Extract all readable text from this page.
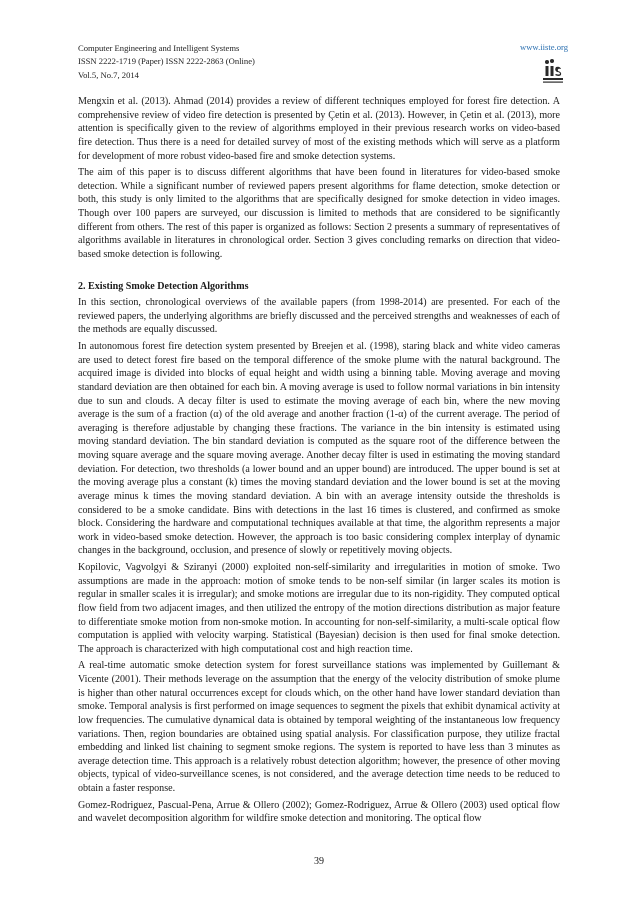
Computer Engineering and Intelligent Systems
ISSN 2222-1719 (Paper) ISSN 2222-2863 (Online)
Vol.5, No.7, 2014
www.iiste.org

Mengxin et al. (2013). Ahmad (2014) provides a review of different techniques employed for forest fire detection. A comprehensive review of video fire detection is presented by Çetin et al. (2013). However, in Çetin et al. (2013), more attention is specifically given to the review of algorithms employed in their previous research works on video-based fire detection. Thus there is a need for detailed survey of most of the existing methods which will serve as a platform for development of more robust video-based fire and smoke detection systems.

The aim of this paper is to discuss different algorithms that have been found in literatures for video-based smoke detection. While a significant number of reviewed papers present algorithms for flame detection, smoke detection or both, this study is only limited to the algorithms that are specifically designed for smoke detection in video images. Though over 100 papers are surveyed, our discussion is limited to methods that are considered to be significantly different from others. The rest of this paper is organized as follows: Section 2 presents a summary of representatives of algorithms available in literatures in chronological order. Section 3 gives concluding remarks on direction that video-based smoke detection is following.

2. Existing Smoke Detection Algorithms

In this section, chronological overviews of the available papers (from 1998-2014) are presented. For each of the reviewed papers, the underlying algorithms are briefly discussed and the perceived strengths and weaknesses of each of the methods are equally discussed.

In autonomous forest fire detection system presented by Breejen et al. (1998), staring black and white video cameras are used to detect forest fire based on the temporal difference of the smoke plume with the natural background. The acquired image is divided into blocks of equal height and width using a binning table. Moving average and moving standard deviation are then obtained for each bin. A moving average is used to follow normal variations in bin intensity due to sun and clouds. A decay filter is used to estimate the moving average of each bin, where the new moving average is the sum of a fraction (α) of the old average and another fraction (1-α) of the current average. The period of averaging is therefore adjustable by changing these fractions. The variance in the bin intensity is estimated using moving standard deviation. The bin standard deviation is computed as the square root of the difference between the moving square average and the square moving average. Another decay filter is used in estimating the moving standard deviation. For detection, two thresholds (a lower bound and an upper bound) are introduced. The upper bound is set at the moving average plus a constant (k) times the moving standard deviation and the lower bound is set at the moving average minus k times the moving standard deviation. A bin with an average intensity outside the thresholds is considered to be a smoke candidate. Bins with detections in the last 16 times is clustered, and confirmed as smoke block. Considering the hardware and computational techniques available at that time, the algorithm represents a major work in video-based smoke detection. However, the approach is too basic considering complex interplay of dynamic changes in the background, occlusion, and presence of slowly or repetitively moving objects.

Kopilovic, Vagvolgyi & Sziranyi (2000) exploited non-self-similarity and irregularities in motion of smoke. Two assumptions are made in the approach: motion of smoke tends to be non-self similar (in larger scales its motion is regular in smaller scales it is irregular); and smoke motions are irregular due to its non-rigidity. They computed optical flow field from two adjacent images, and then utilized the entropy of the motion directions distribution as major feature to differentiate smoke motion from non-smoke motion. In accounting for non-self-similarity, a multi-scale optical flow computation is applied with velocity warping. Statistical (Bayesian) decision is then used for final smoke detection. The approach is characterized with high computational cost and high reaction time.

A real-time automatic smoke detection system for forest surveillance stations was implemented by Guillemant & Vicente (2001). Their methods leverage on the assumption that the energy of the velocity distribution of smoke plume is higher than other natural occurrences except for clouds which, on the other hand have lower standard deviation than smoke. Temporal analysis is first performed on image sequences to segment the pixels that exhibit dynamical activity at low frequencies. The cumulative dynamical data is obtained by temporal weighting of the instantaneous low frequency variations. Then, region boundaries are obtained using spatial analysis. For classification purpose, they utilize fractal embedding and linked list chaining to segment smoke regions. The system is reported to have less than 3 minutes as average detection time. This approach is a relatively robust detection algorithm; however, the presence of other moving objects, typical of video-surveillance scenes, is not considered, and the average detection time needs to be reduced to obtain a faster response.

Gomez-Rodriguez, Pascual-Pena, Arrue & Ollero (2002); Gomez-Rodriguez, Arrue & Ollero (2003) used optical flow and wavelet decomposition algorithm for wildfire smoke detection and monitoring. The optical flow

39
